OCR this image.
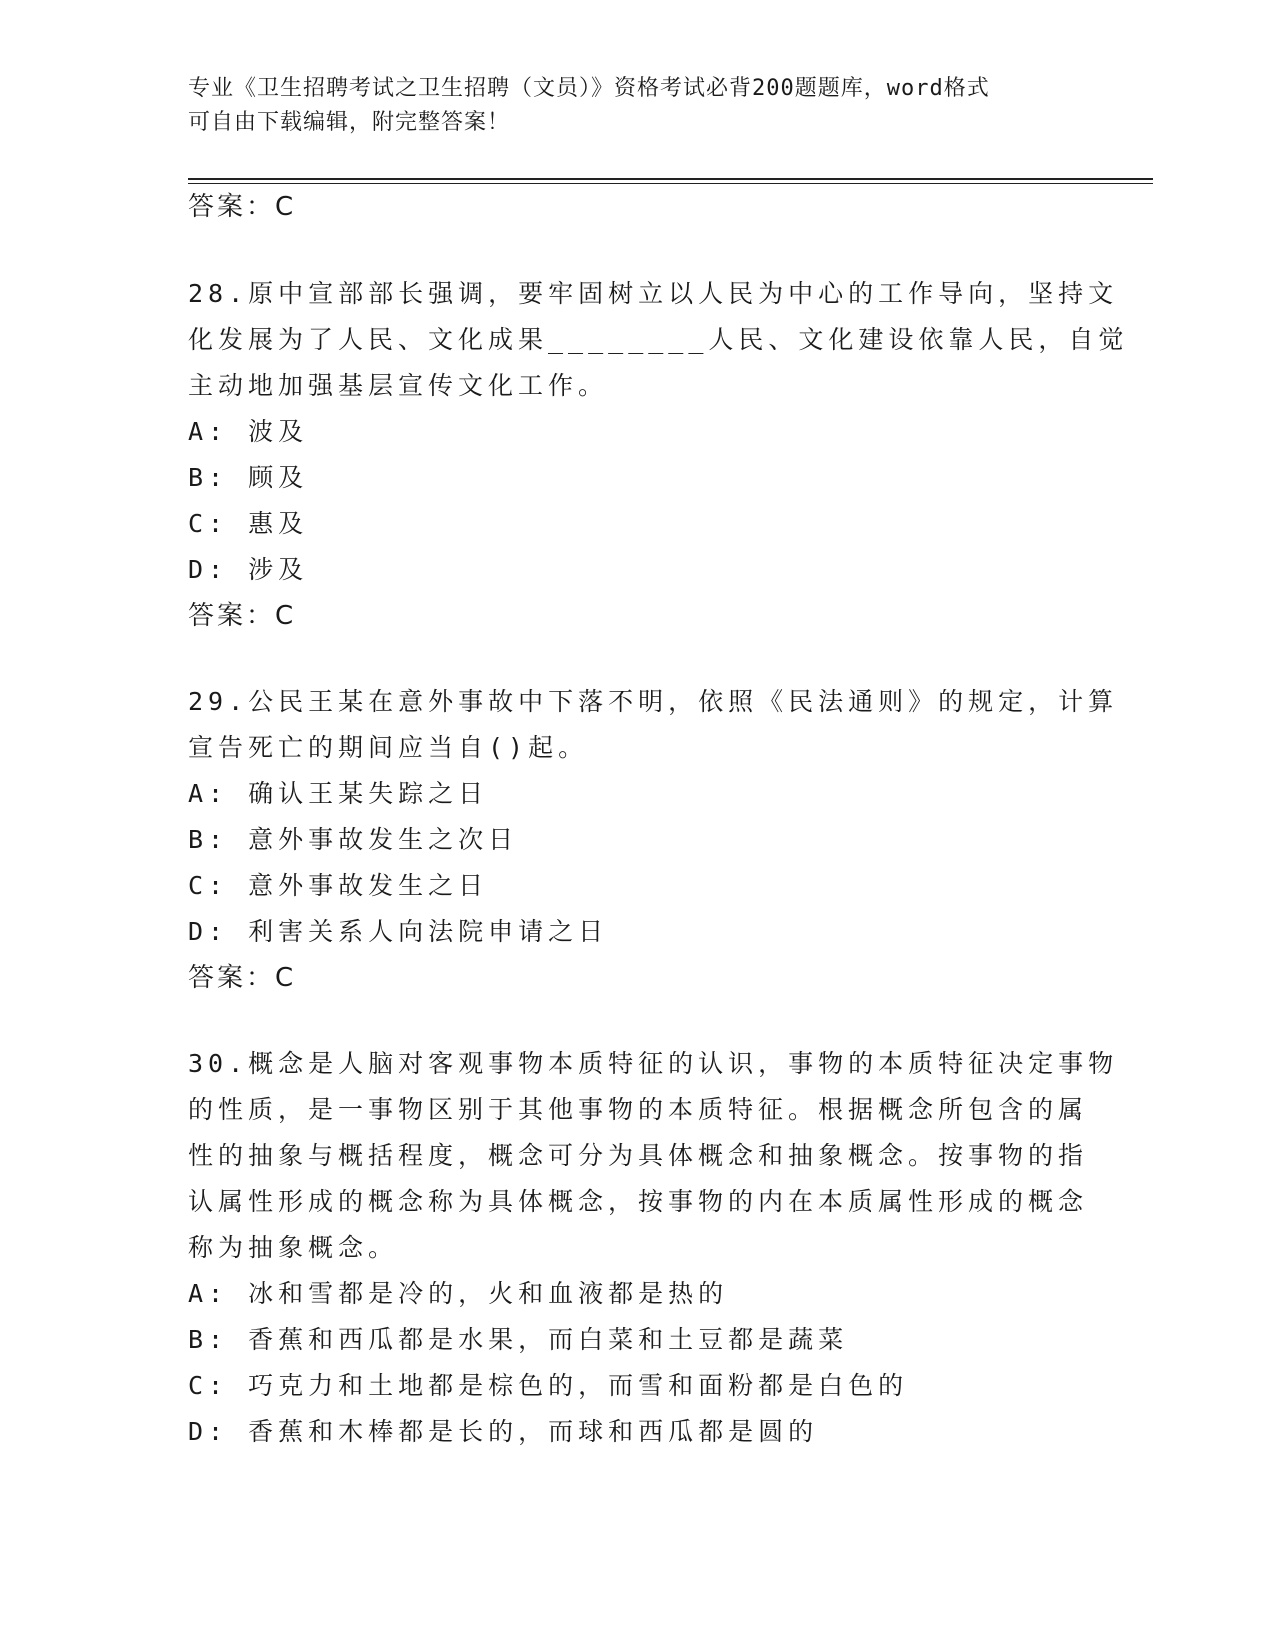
专业《卫生招聘考试之卫生招聘（文员）》资格考试必背200题题库，word格式
可自由下载编辑，附完整答案！
答案：C
28.原中宣部部长强调，要牢固树立以人民为中心的工作导向，坚持文
化发展为了人民、文化成果________人民、文化建设依靠人民，自觉
主动地加强基层宣传文化工作。
A: 波及
B: 顾及
C: 惠及
D: 涉及
答案：C
29.公民王某在意外事故中下落不明，依照《民法通则》的规定，计算
宣告死亡的期间应当自()起。
A: 确认王某失踪之日
B: 意外事故发生之次日
C: 意外事故发生之日
D: 利害关系人向法院申请之日
答案：C
30.概念是人脑对客观事物本质特征的认识，事物的本质特征决定事物
的性质，是一事物区别于其他事物的本质特征。根据概念所包含的属
性的抽象与概括程度，概念可分为具体概念和抽象概念。按事物的指
认属性形成的概念称为具体概念，按事物的内在本质属性形成的概念
称为抽象概念。
A: 冰和雪都是冷的，火和血液都是热的
B: 香蕉和西瓜都是水果，而白菜和土豆都是蔬菜
C: 巧克力和土地都是棕色的，而雪和面粉都是白色的
D: 香蕉和木棒都是长的，而球和西瓜都是圆的
